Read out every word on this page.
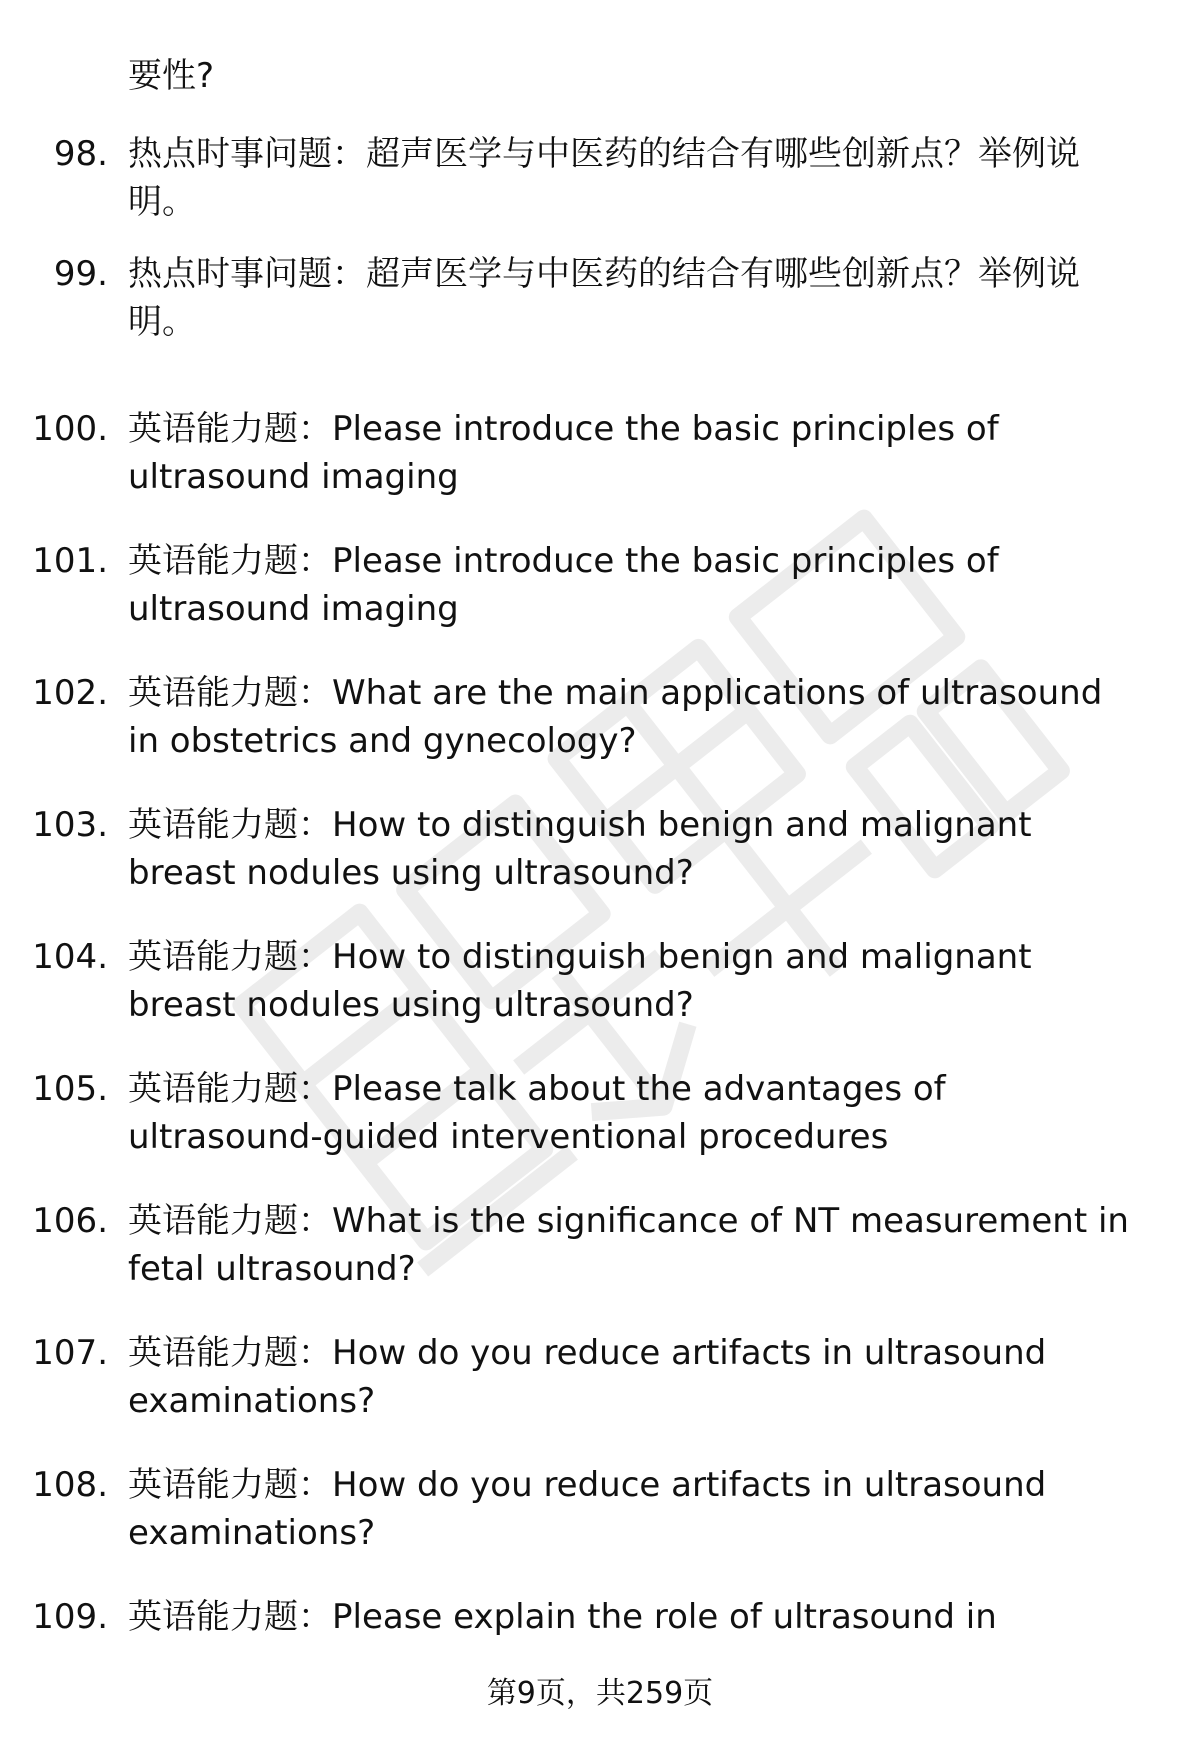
要性?
98. 热点时事问题：超声医学与中医药的结合有哪些创新点？举例说
明。
99. 热点时事问题：超声医学与中医药的结合有哪些创新点？举例说
明。
100. 英语能力题：Please introduce the basic principles of
ultrasound imaging
101. 英语能力题：Please introduce the basic principles of
ultrasound imaging
102. 英语能力题：What are the main applications of ultrasound
in obstetrics and gynecology?
103. 英语能力题：How to distinguish benign and malignant
breast nodules using ultrasound?
104. 英语能力题：How to distinguish benign and malignant
breast nodules using ultrasound?
105. 英语能力题：Please talk about the advantages of
ultrasound-guided interventional procedures
106. 英语能力题：What is the significance of NT measurement in
fetal ultrasound?
107. 英语能力题：How do you reduce artifacts in ultrasound
examinations?
108. 英语能力题：How do you reduce artifacts in ultrasound
examinations?
109. 英语能力题：Please explain the role of ultrasound in
第9页，共259页
